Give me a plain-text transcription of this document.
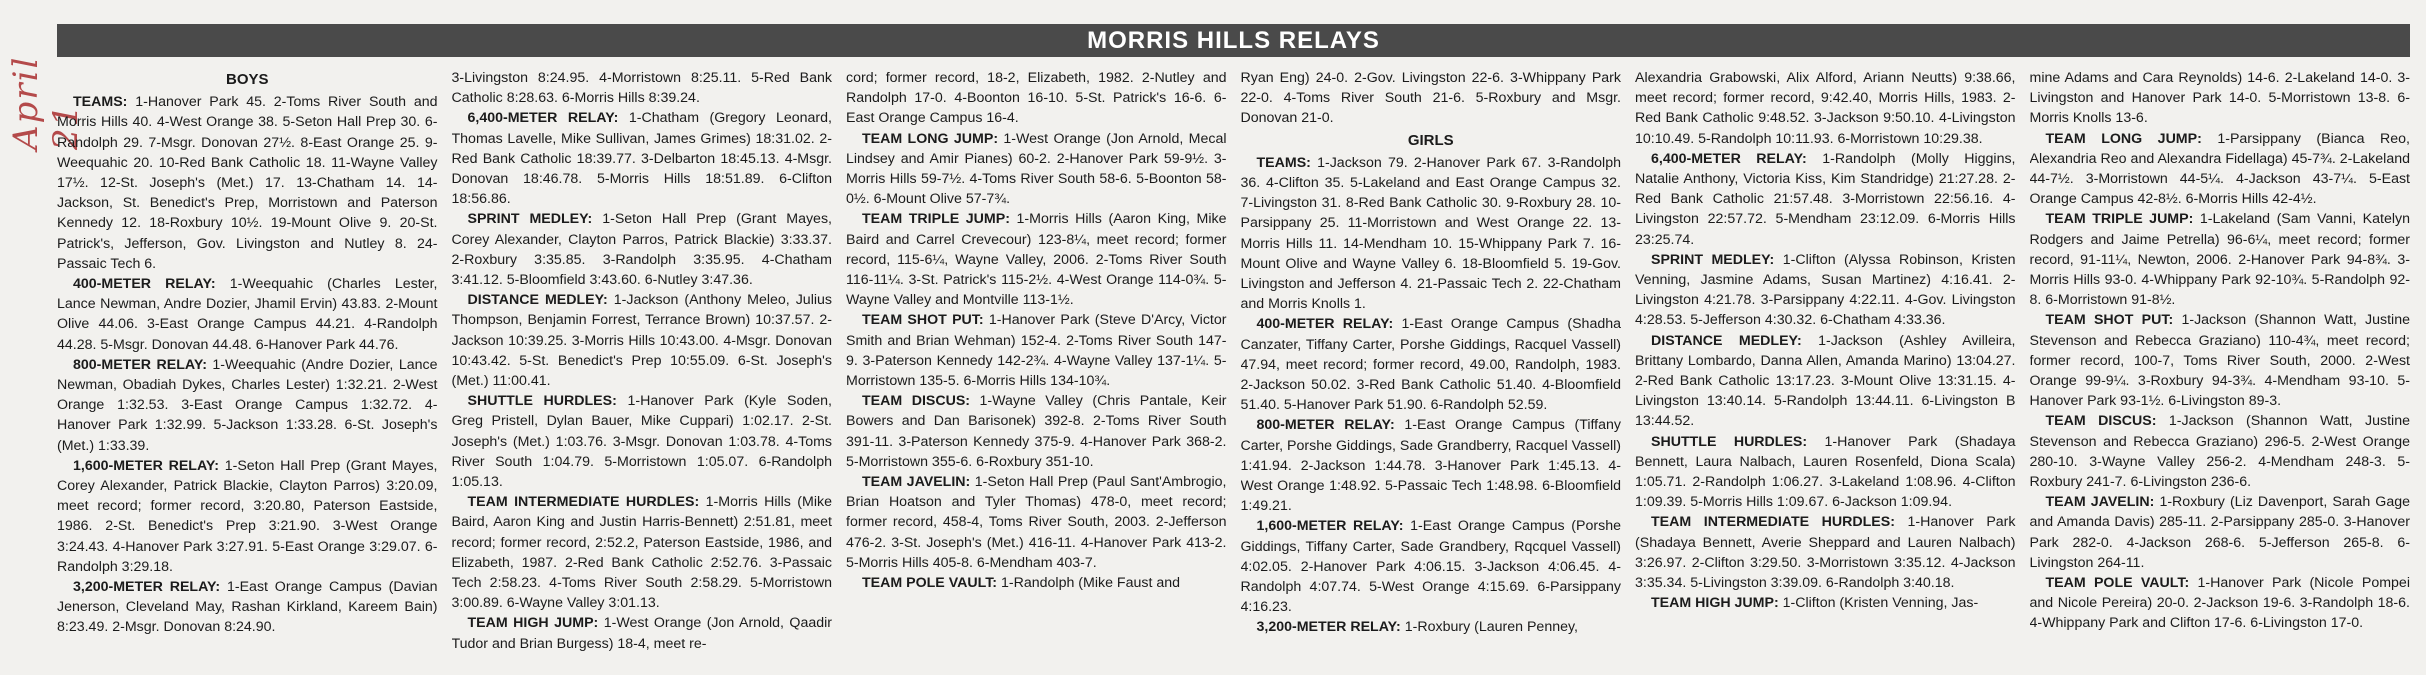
April 21
MORRIS HILLS RELAYS
BOYS

TEAMS: 1-Hanover Park 45. 2-Toms River South and Morris Hills 40. 4-West Orange 38. 5-Seton Hall Prep 30. 6-Randolph 29. 7-Msgr. Donovan 27½. 8-East Orange 25. 9-Weequahic 20. 10-Red Bank Catholic 18. 11-Wayne Valley 17½. 12-St. Joseph's (Met.) 17. 13-Chatham 14. 14-Jackson, St. Benedict's Prep, Morristown and Paterson Kennedy 12. 18-Roxbury 10½. 19-Mount Olive 9. 20-St. Patrick's, Jefferson, Gov. Livingston and Nutley 8. 24-Passaic Tech 6.

400-METER RELAY: 1-Weequahic (Charles Lester, Lance Newman, Andre Dozier, Jhamil Ervin) 43.83. 2-Mount Olive 44.06. 3-East Orange Campus 44.21. 4-Randolph 44.28. 5-Msgr. Donovan 44.48. 6-Hanover Park 44.76.

800-METER RELAY: 1-Weequahic (Andre Dozier, Lance Newman, Obadiah Dykes, Charles Lester) 1:32.21. 2-West Orange 1:32.53. 3-East Orange Campus 1:32.72. 4-Hanover Park 1:32.99. 5-Jackson 1:33.28. 6-St. Joseph's (Met.) 1:33.39.

1,600-METER RELAY: 1-Seton Hall Prep (Grant Mayes, Corey Alexander, Patrick Blackie, Clayton Parros) 3:20.09, meet record; former record, 3:20.80, Paterson Eastside, 1986. 2-St. Benedict's Prep 3:21.90. 3-West Orange 3:24.43. 4-Hanover Park 3:27.91. 5-East Orange 3:29.07. 6-Randolph 3:29.18.

3,200-METER RELAY: 1-East Orange Campus (Davian Jenerson, Cleveland May, Rashan Kirkland, Kareem Bain) 8:23.49. 2-Msgr. Donovan 8:24.90.

3-Livingston 8:24.95. 4-Morristown 8:25.11. 5-Red Bank Catholic 8:28.63. 6-Morris Hills 8:39.24.

6,400-METER RELAY: 1-Chatham (Gregory Leonard, Thomas Lavelle, Mike Sullivan, James Grimes) 18:31.02. 2-Red Bank Catholic 18:39.77. 3-Delbarton 18:45.13. 4-Msgr. Donovan 18:46.78. 5-Morris Hills 18:51.89. 6-Clifton 18:56.86.

SPRINT MEDLEY: 1-Seton Hall Prep (Grant Mayes, Corey Alexander, Clayton Parros, Patrick Blackie) 3:33.37. 2-Roxbury 3:35.85. 3-Randolph 3:35.95. 4-Chatham 3:41.12. 5-Bloomfield 3:43.60. 6-Nutley 3:47.36.

DISTANCE MEDLEY: 1-Jackson (Anthony Meleo, Julius Thompson, Benjamin Forrest, Terrance Brown) 10:37.57. 2-Jackson 10:39.25. 3-Morris Hills 10:43.00. 4-Msgr. Donovan 10:43.42. 5-St. Benedict's Prep 10:55.09. 6-St. Joseph's (Met.) 11:00.41.

SHUTTLE HURDLES: 1-Hanover Park (Kyle Soden, Greg Pristell, Dylan Bauer, Mike Cuppari) 1:02.17. 2-St. Joseph's (Met.) 1:03.76. 3-Msgr. Donovan 1:03.78. 4-Toms River South 1:04.79. 5-Morristown 1:05.07. 6-Randolph 1:05.13.

TEAM INTERMEDIATE HURDLES: 1-Morris Hills (Mike Baird, Aaron King and Justin Harris-Bennett) 2:51.81, meet record; former record, 2:52.2, Paterson Eastside, 1986, and Elizabeth, 1987. 2-Red Bank Catholic 2:52.76. 3-Passaic Tech 2:58.23. 4-Toms River South 2:58.29. 5-Morristown 3:00.89. 6-Wayne Valley 3:01.13.

TEAM HIGH JUMP: 1-West Orange (Jon Arnold, Qaadir Tudor and Brian Burgess) 18-4, meet re-

cord; former record, 18-2, Elizabeth, 1982. 2-Nutley and Randolph 17-0. 4-Boonton 16-10. 5-St. Patrick's 16-6. 6-East Orange Campus 16-4.

TEAM LONG JUMP: 1-West Orange (Jon Arnold, Mecal Lindsey and Amir Pianes) 60-2. 2-Hanover Park 59-9½. 3-Morris Hills 59-7½. 4-Toms River South 58-6. 5-Boonton 58-0½. 6-Mount Olive 57-7¾.

TEAM TRIPLE JUMP: 1-Morris Hills (Aaron King, Mike Baird and Carrel Crevecour) 123-8¼, meet record; former record, 115-6¼, Wayne Valley, 2006. 2-Toms River South 116-11¼. 3-St. Patrick's 115-2½. 4-West Orange 114-0¾. 5-Wayne Valley and Montville 113-1½.

TEAM SHOT PUT: 1-Hanover Park (Steve D'Arcy, Victor Smith and Brian Wehman) 152-4. 2-Toms River South 147-9. 3-Paterson Kennedy 142-2¾. 4-Wayne Valley 137-1¼. 5-Morristown 135-5. 6-Morris Hills 134-10¾.

TEAM DISCUS: 1-Wayne Valley (Chris Pantale, Keir Bowers and Dan Barisonek) 392-8. 2-Toms River South 391-11. 3-Paterson Kennedy 375-9. 4-Hanover Park 368-2. 5-Morristown 355-6. 6-Roxbury 351-10.

TEAM JAVELIN: 1-Seton Hall Prep (Paul Sant'Ambrogio, Brian Hoatson and Tyler Thomas) 478-0, meet record; former record, 458-4, Toms River South, 2003. 2-Jefferson 476-2. 3-St. Joseph's (Met.) 416-11. 4-Hanover Park 413-2. 5-Morris Hills 405-8. 6-Mendham 403-7.

TEAM POLE VAULT: 1-Randolph (Mike Faust and

Ryan Eng) 24-0. 2-Gov. Livingston 22-6. 3-Whippany Park 22-0. 4-Toms River South 21-6. 5-Roxbury and Msgr. Donovan 21-0.

GIRLS

TEAMS: 1-Jackson 79. 2-Hanover Park 67. 3-Randolph 36. 4-Clifton 35. 5-Lakeland and East Orange Campus 32. 7-Livingston 31. 8-Red Bank Catholic 30. 9-Roxbury 28. 10-Parsippany 25. 11-Morristown and West Orange 22. 13-Morris Hills 11. 14-Mendham 10. 15-Whippany Park 7. 16-Mount Olive and Wayne Valley 6. 18-Bloomfield 5. 19-Gov. Livingston and Jefferson 4. 21-Passaic Tech 2. 22-Chatham and Morris Knolls 1.

400-METER RELAY: 1-East Orange Campus (Shadha Canzater, Tiffany Carter, Porshe Giddings, Racquel Vassell) 47.94, meet record; former record, 49.00, Randolph, 1983. 2-Jackson 50.02. 3-Red Bank Catholic 51.40. 4-Bloomfield 51.40. 5-Hanover Park 51.90. 6-Randolph 52.59.

800-METER RELAY: 1-East Orange Campus (Tiffany Carter, Porshe Giddings, Sade Grandberry, Racquel Vassell) 1:41.94. 2-Jackson 1:44.78. 3-Hanover Park 1:45.13. 4-West Orange 1:48.92. 5-Passaic Tech 1:48.98. 6-Bloomfield 1:49.21.

1,600-METER RELAY: 1-East Orange Campus (Porshe Giddings, Tiffany Carter, Sade Grandbery, Rqcquel Vassell) 4:02.05. 2-Hanover Park 4:06.15. 3-Jackson 4:06.45. 4-Randolph 4:07.74. 5-West Orange 4:15.69. 6-Parsippany 4:16.23.

3,200-METER RELAY: 1-Roxbury (Lauren Penney,

Alexandria Grabowski, Alix Alford, Ariann Neutts) 9:38.66, meet record; former record, 9:42.40, Morris Hills, 1983. 2-Red Bank Catholic 9:48.52. 3-Jackson 9:50.10. 4-Livingston 10:10.49. 5-Randolph 10:11.93. 6-Morristown 10:29.38.

6,400-METER RELAY: 1-Randolph (Molly Higgins, Natalie Anthony, Victoria Kiss, Kim Standridge) 21:27.28. 2-Red Bank Catholic 21:57.48. 3-Morristown 22:56.16. 4-Livingston 22:57.72. 5-Mendham 23:12.09. 6-Morris Hills 23:25.74.

SPRINT MEDLEY: 1-Clifton (Alyssa Robinson, Kristen Venning, Jasmine Adams, Susan Martinez) 4:16.41. 2-Livingston 4:21.78. 3-Parsippany 4:22.11. 4-Gov. Livingston 4:28.53. 5-Jefferson 4:30.32. 6-Chatham 4:33.36.

DISTANCE MEDLEY: 1-Jackson (Ashley Avilleira, Brittany Lombardo, Danna Allen, Amanda Marino) 13:04.27. 2-Red Bank Catholic 13:17.23. 3-Mount Olive 13:31.15. 4-Livingston 13:40.14. 5-Randolph 13:44.11. 6-Livingston B 13:44.52.

SHUTTLE HURDLES: 1-Hanover Park (Shadaya Bennett, Laura Nalbach, Lauren Rosenfeld, Diona Scala) 1:05.71. 2-Randolph 1:06.27. 3-Lakeland 1:08.96. 4-Clifton 1:09.39. 5-Morris Hills 1:09.67. 6-Jackson 1:09.94.

TEAM INTERMEDIATE HURDLES: 1-Hanover Park (Shadaya Bennett, Averie Sheppard and Lauren Nalbach) 3:26.97. 2-Clifton 3:29.50. 3-Morristown 3:35.12. 4-Jackson 3:35.34. 5-Livingston 3:39.09. 6-Randolph 3:40.18.

TEAM HIGH JUMP: 1-Clifton (Kristen Venning, Jas-

mine Adams and Cara Reynolds) 14-6. 2-Lakeland 14-0. 3-Livingston and Hanover Park 14-0. 5-Morristown 13-8. 6-Morris Knolls 13-6.

TEAM LONG JUMP: 1-Parsippany (Bianca Reo, Alexandria Reo and Alexandra Fidellaga) 45-7¾. 2-Lakeland 44-7½. 3-Morristown 44-5¼. 4-Jackson 43-7¼. 5-East Orange Campus 42-8½. 6-Morris Hills 42-4½.

TEAM TRIPLE JUMP: 1-Lakeland (Sam Vanni, Katelyn Rodgers and Jaime Petrella) 96-6¼, meet record; former record, 91-11¼, Newton, 2006. 2-Hanover Park 94-8¾. 3-Morris Hills 93-0. 4-Whippany Park 92-10¾. 5-Randolph 92-8. 6-Morristown 91-8½.

TEAM SHOT PUT: 1-Jackson (Shannon Watt, Justine Stevenson and Rebecca Graziano) 110-4¾, meet record; former record, 100-7, Toms River South, 2000. 2-West Orange 99-9¼. 3-Roxbury 94-3¾. 4-Mendham 93-10. 5-Hanover Park 93-1½. 6-Livingston 89-3.

TEAM DISCUS: 1-Jackson (Shannon Watt, Justine Stevenson and Rebecca Graziano) 296-5. 2-West Orange 280-10. 3-Wayne Valley 256-2. 4-Mendham 248-3. 5-Roxbury 241-7. 6-Livingston 236-6.

TEAM JAVELIN: 1-Roxbury (Liz Davenport, Sarah Gage and Amanda Davis) 285-11. 2-Parsippany 285-0. 3-Hanover Park 282-0. 4-Jackson 268-6. 5-Jefferson 265-8. 6-Livingston 264-11.

TEAM POLE VAULT: 1-Hanover Park (Nicole Pompei and Nicole Pereira) 20-0. 2-Jackson 19-6. 3-Randolph 18-6. 4-Whippany Park and Clifton 17-6. 6-Livingston 17-0.
